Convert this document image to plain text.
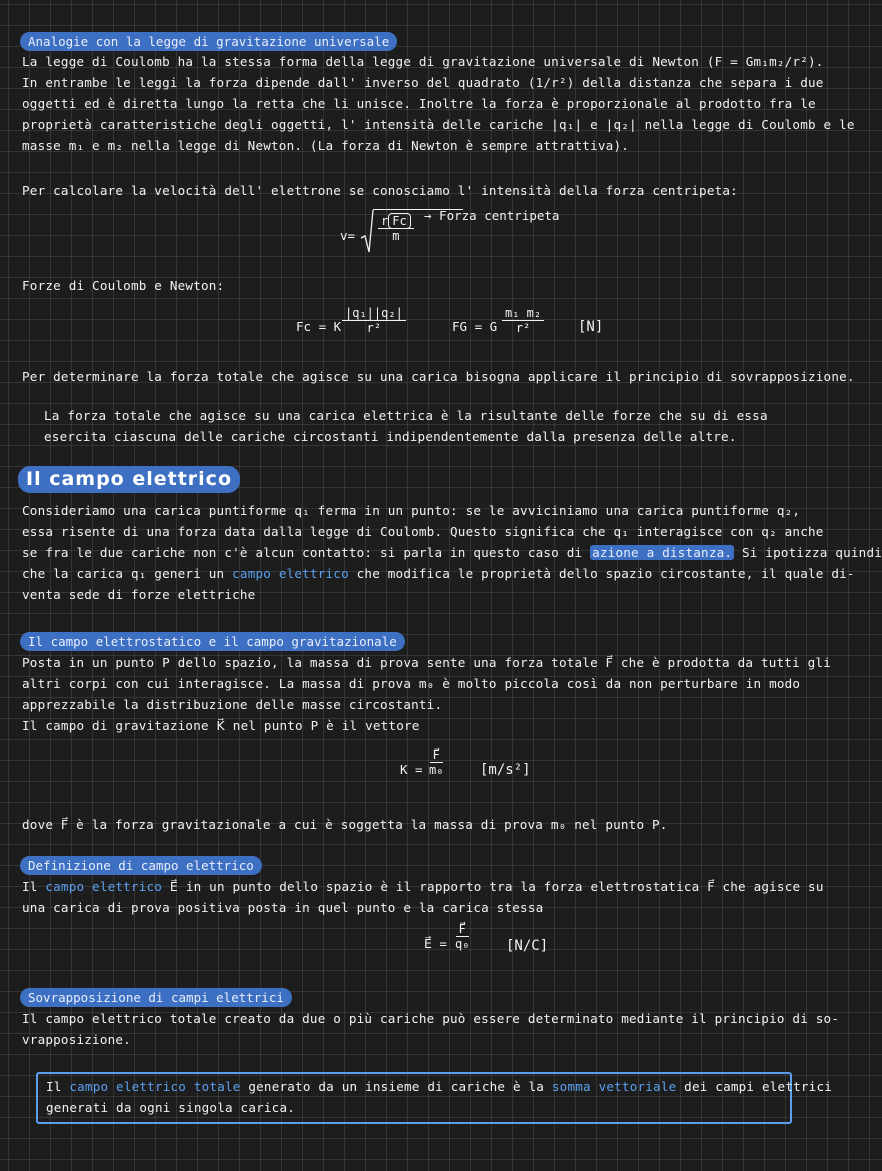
Analogie con la legge di gravitazione universale
La legge di Coulomb ha la stessa forma della legge di gravitazione universale di Newton (F = Gm₁m₂/r²).
In entrambe le leggi la forza dipende dall' inverso del quadrato (1/r²) della distanza che separa i due
oggetti ed è diretta lungo la retta che li unisce. Inoltre la forza è proporzionale al prodotto fra le
proprietà caratteristiche degli oggetti, l' intensità delle cariche |q₁| e |q₂| nella legge di Coulomb e le
masse m₁ e m₂ nella legge di Newton. (La forza di Newton è sempre attrattiva).
Per calcolare la velocità dell' elettrone se conosciamo l' intensità della forza centripeta:
v=
r Fc
m
→ Forza centripeta
Forze di Coulomb e Newton:
Fc = K $\frac{\text{|q₁||q₂|}}{\text{r²}}$	FG = G $\frac{\text{m₁ m₂}}{\text{r²}} [N]$
Per determinare la forza totale che agisce su una carica bisogna applicare il principio di sovrapposizione.
La forza totale che agisce su una carica elettrica è la risultante delle forze che su di essa
esercita ciascuna delle cariche circostanti indipendentemente dalla presenza delle altre.
Il campo elettrico
Consideriamo una carica puntiforme q₁ ferma in un punto: se le avviciniamo una carica puntiforme q₂,
essa risente di una forza data dalla legge di Coulomb. Questo significa che q₁ interagisce con q₂ anche
se fra le due cariche non c'è alcun contatto: si parla in questo caso di azione a distanza. Si ipotizza quindi
che la carica q₁ generi un campo elettrico che modifica le proprietà dello spazio circostante, il quale di-
venta sede di forze elettriche
Il campo elettrostatico e il campo gravitazionale
Posta in un punto P dello spazio, la massa di prova sente una forza totale F⃗ che è prodotta da tutti gli
altri corpi con cui interagisce. La massa di prova m₀ è molto piccola così da non perturbare in modo
apprezzabile la distribuzione delle masse circostanti.
Il campo di gravitazione K⃗ nel punto P è il vettore
$K = \frac{F⃗}{\text{m₀}} [m/s^2]$
dove F⃗ è la forza gravitazionale a cui è soggetta la massa di prova m₀ nel punto P.
Definizione di campo elettrico
Il campo elettrico E⃗ in un punto dello spazio è il rapporto tra la forza elettrostatica F⃗ che agisce su
una carica di prova positiva posta in quel punto e la carica stessa
E⃗ = $\frac{F⃗}{\text{q₀}} [N/C]$
Sovrapposizione di campi elettrici
Il campo elettrico totale creato da due o più cariche può essere determinato mediante il principio di so-
vrapposizione.
Il campo elettrico totale generato da un insieme di cariche è la somma vettoriale dei campi elettrici
generati da ogni singola carica.
